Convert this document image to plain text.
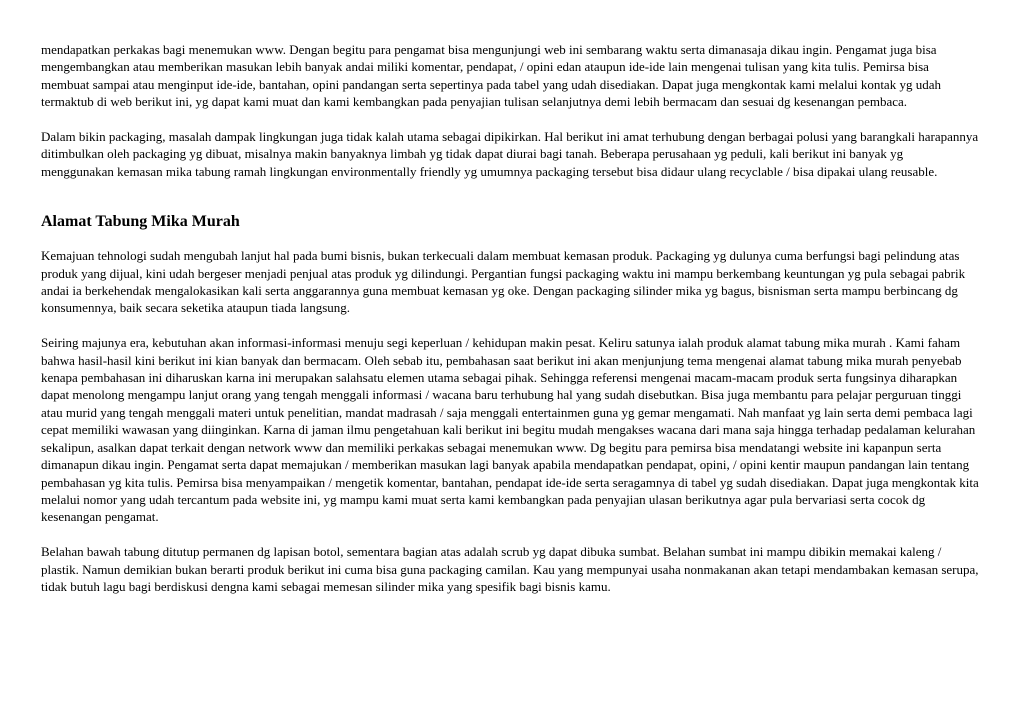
mendapatkan perkakas bagi menemukan www. Dengan begitu para pengamat bisa mengunjungi web ini sembarang waktu serta dimanasaja dikau ingin. Pengamat juga bisa mengembangkan atau memberikan masukan lebih banyak andai miliki komentar, pendapat, / opini edan ataupun ide-ide lain mengenai tulisan yang kita tulis. Pemirsa bisa membuat sampai atau menginput ide-ide, bantahan, opini pandangan serta sepertinya pada tabel yang udah disediakan. Dapat juga mengkontak kami melalui kontak yg udah termaktub di web berikut ini, yg dapat kami muat dan kami kembangkan pada penyajian tulisan selanjutnya demi lebih bermacam dan sesuai dg kesenangan pembaca.

Dalam bikin packaging, masalah dampak lingkungan juga tidak kalah utama sebagai dipikirkan. Hal berikut ini amat terhubung dengan berbagai polusi yang barangkali harapannya ditimbulkan oleh packaging yg dibuat, misalnya makin banyaknya limbah yg tidak dapat diurai bagi tanah. Beberapa perusahaan yg peduli, kali berikut ini banyak yg menggunakan kemasan mika tabung ramah lingkungan environmentally friendly yg umumnya packaging tersebut bisa didaur ulang recyclable / bisa dipakai ulang reusable.

Alamat Tabung Mika Murah

Kemajuan tehnologi sudah mengubah lanjut hal pada bumi bisnis, bukan terkecuali dalam membuat kemasan produk. Packaging yg dulunya cuma berfungsi bagi pelindung atas produk yang dijual, kini udah bergeser menjadi penjual atas produk yg dilindungi. Pergantian fungsi packaging waktu ini mampu berkembang keuntungan yg pula sebagai pabrik andai ia berkehendak mengalokasikan kali serta anggarannya guna membuat kemasan yg oke. Dengan packaging silinder mika yg bagus, bisnisman serta mampu berbincang dg konsumennya, baik secara seketika ataupun tiada langsung.

Seiring majunya era, kebutuhan akan informasi-informasi menuju segi keperluan / kehidupan makin pesat. Keliru satunya ialah produk alamat tabung mika murah . Kami faham bahwa hasil-hasil kini berikut ini kian banyak dan bermacam. Oleh sebab itu, pembahasan saat berikut ini akan menjunjung tema mengenai alamat tabung mika murah penyebab kenapa pembahasan ini diharuskan karna ini merupakan salahsatu elemen utama sebagai pihak. Sehingga referensi mengenai macam-macam produk serta fungsinya diharapkan dapat menolong mengampu lanjut orang yang tengah menggali informasi / wacana baru terhubung hal yang sudah disebutkan. Bisa juga membantu para pelajar perguruan tinggi atau murid yang tengah menggali materi untuk penelitian, mandat madrasah / saja menggali entertainmen guna yg gemar mengamati. Nah manfaat yg lain serta demi pembaca lagi cepat memiliki wawasan yang diinginkan. Karna di jaman ilmu pengetahuan kali berikut ini begitu mudah mengakses wacana dari mana saja hingga terhadap pedalaman kelurahan sekalipun, asalkan dapat terkait dengan network www dan memiliki perkakas sebagai menemukan www. Dg begitu para pemirsa bisa mendatangi website ini kapanpun serta dimanapun dikau ingin. Pengamat serta dapat memajukan / memberikan masukan lagi banyak apabila mendapatkan pendapat, opini, / opini kentir maupun pandangan lain tentang pembahasan yg kita tulis. Pemirsa bisa menyampaikan / mengetik komentar, bantahan, pendapat ide-ide serta seragamnya di tabel yg sudah disediakan. Dapat juga mengkontak kita melalui nomor yang udah tercantum pada website ini, yg mampu kami muat serta kami kembangkan pada penyajian ulasan berikutnya agar pula bervariasi serta cocok dg kesenangan pengamat.

Belahan bawah tabung ditutup permanen dg lapisan botol, sementara bagian atas adalah scrub yg dapat dibuka sumbat. Belahan sumbat ini mampu dibikin memakai kaleng / plastik. Namun demikian bukan berarti produk berikut ini cuma bisa guna packaging camilan. Kau yang mempunyai usaha nonmakanan akan tetapi mendambakan kemasan serupa, tidak butuh lagu bagi berdiskusi dengna kami sebagai memesan silinder mika yang spesifik bagi bisnis kamu.
